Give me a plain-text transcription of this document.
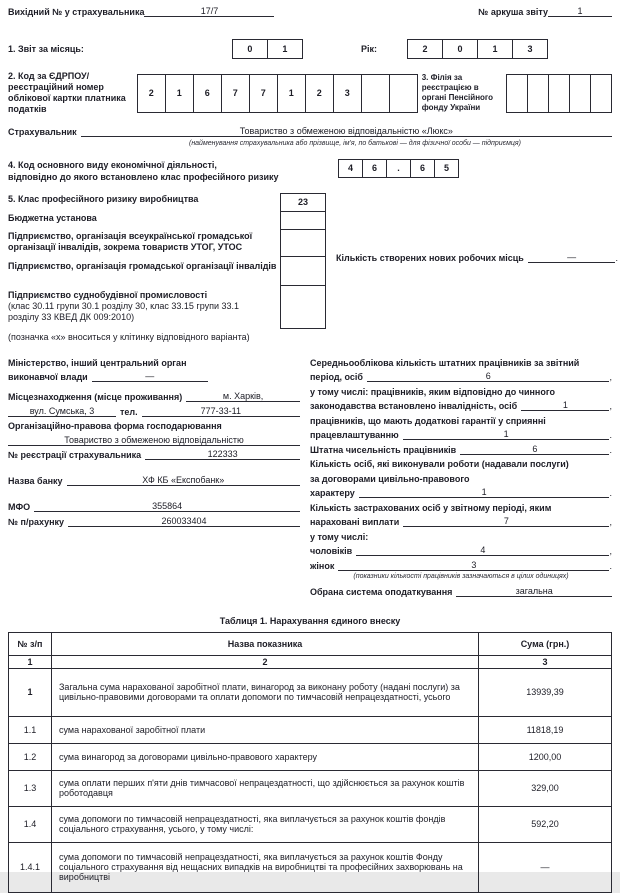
Вихідний № у страхувальника	17/7	№ аркуша звіту	1
1. Звіт за місяць:	0	1	Рік:	2	0	1	3
2. Код за ЄДРПОУ/ реєстраційний номер облікової картки платника податків
2	1	6	7	7	1	2	3
3. Філія за реєстрацією в органі Пенсійного фонду України
Страхувальник	Товариство з обмеженою відповідальністю «Люкс»
(найменування страхувальника або прізвище, ім'я, по батькові — для фізичної особи — підприємця)
4. Код основного виду економічної діяльності,
відповідно до якого встановлено клас професійного ризику
4	6	.	6	5
5. Клас професійного ризику виробництва	23
Бюджетна установа
Підприємство, організація всеукраїнської громадської організації інвалідів, зокрема товариств УТОГ, УТОС
Підприємство, організація громадської організації інвалідів
Підприємство суднобудівної промисловості
(клас 30.11 групи 30.1 розділу 30, клас 33.15 групи 33.1
розділу 33 КВЕД ДК 009:2010)
(позначка «х» вноситься у клітинку відповідного варіанта)
Кількість створених нових робочих місць	—	.
Міністерство, інший центральний орган
виконавчої влади	—
Місцезнаходження (місце проживання)	м. Харків,
вул. Сумська, 3	тел.	777-33-11
Організаційно-правова форма господарювання
Товариство з обмеженою відповідальністю
№ реєстрації страхувальника	122333
Назва банку	ХФ КБ «Експобанк»
МФО	355864
№ п/рахунку	260033404
Середньооблікова кількість штатних працівників за звітний
період, осіб	6	,
у тому числі: працівників, яким відповідно до чинного
законодавства встановлено інвалідність, осіб	1	,
працівників, що мають додаткові гарантії у сприянні
працевлаштуванню	1	.
Штатна чисельність працівників	6	.
Кількість осіб, які виконували роботи (надавали послуги)
за договорами цивільно-правового
характеру	1	.
Кількість застрахованих осіб у звітному періоді, яким
нараховані виплати	7	,
у тому числі:
чоловіків	4	,
жінок	3	.
(показники кількості працівників зазначаються в цілих одиницях)
Обрана система оподаткування	загальна
Таблиця 1. Нарахування єдиного внеску
№ з/п	Назва показника	Сума (грн.)
1	2	3
1	Загальна сума нарахованої заробітної плати, винагород за виконану роботу (надані послуги) за цивільно-правовими договорами та оплати допомоги по тимчасовій непрацездатності, усього	13939,39
1.1	сума нарахованої заробітної плати	11818,19
1.2	сума винагород за договорами цивільно-правового характеру	1200,00
1.3	сума оплати перших п'яти днів тимчасової непрацездатності, що здійснюється за рахунок коштів роботодавця	329,00
1.4	сума допомоги по тимчасовій непрацездатності, яка виплачується за рахунок коштів фондів соціального страхування, усього, у тому числі:	592,20
1.4.1	сума допомоги по тимчасовій непрацездатності, яка виплачується за рахунок коштів Фонду соціального страхування від нещасних випадків на виробництві та професійних захворювань на виробництві	—
